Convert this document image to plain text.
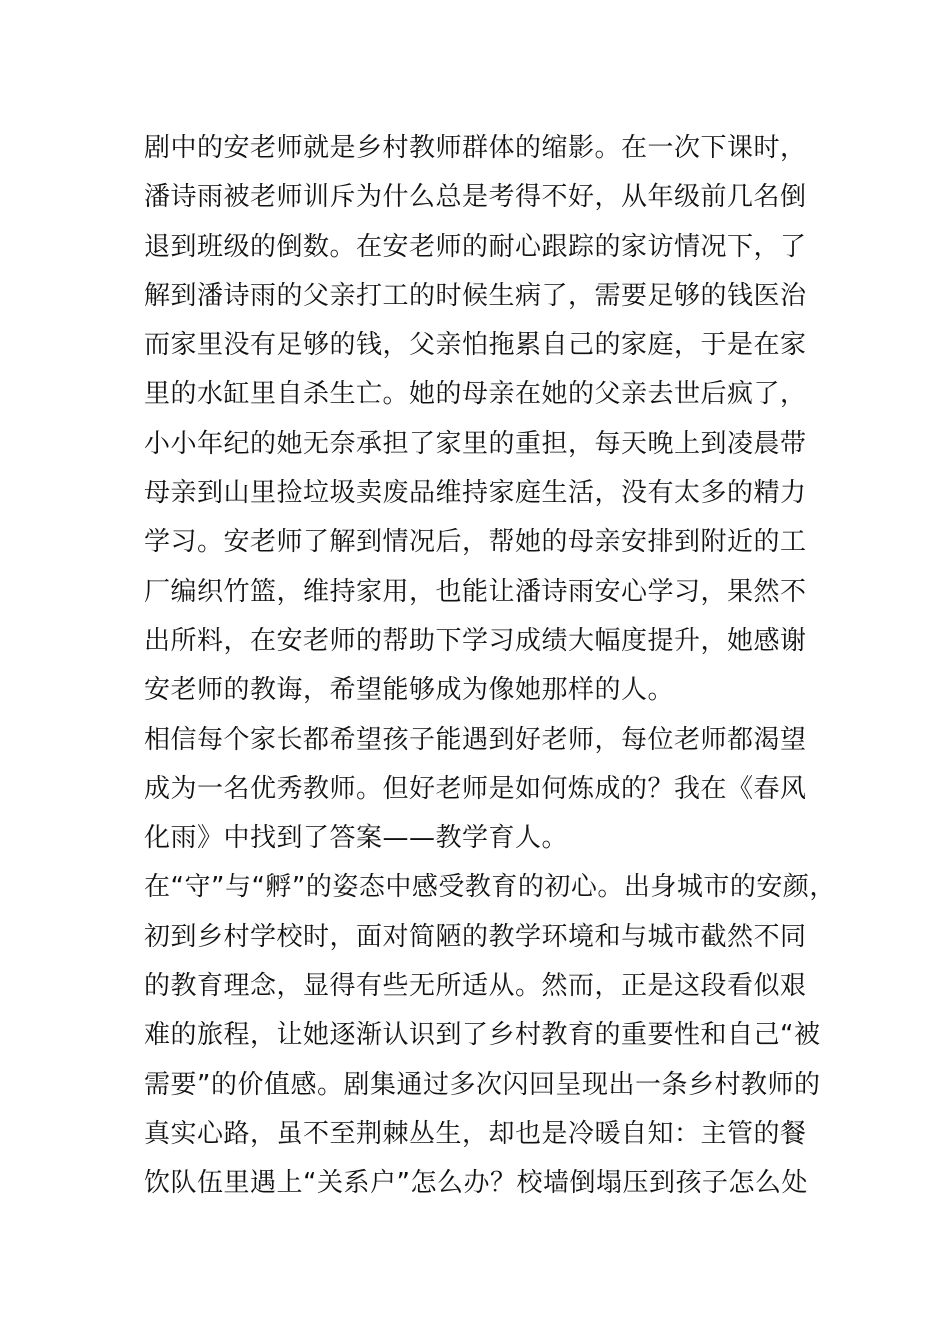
剧中的安老师就是乡村教师群体的缩影。在一次下课时，
潘诗雨被老师训斥为什么总是考得不好，从年级前几名倒
退到班级的倒数。在安老师的耐心跟踪的家访情况下，了
解到潘诗雨的父亲打工的时候生病了，需要足够的钱医治
而家里没有足够的钱，父亲怕拖累自己的家庭，于是在家
里的水缸里自杀生亡。她的母亲在她的父亲去世后疯了，
小小年纪的她无奈承担了家里的重担，每天晚上到凌晨带
母亲到山里捡垃圾卖废品维持家庭生活，没有太多的精力
学习。安老师了解到情况后，帮她的母亲安排到附近的工
厂编织竹篮，维持家用，也能让潘诗雨安心学习，果然不
出所料，在安老师的帮助下学习成绩大幅度提升，她感谢
安老师的教诲，希望能够成为像她那样的人。
相信每个家长都希望孩子能遇到好老师，每位老师都渴望
成为一名优秀教师。但好老师是如何炼成的？我在《春风
化雨》中找到了答案——教学育人。
在“守”与“孵”的姿态中感受教育的初心。出身城市的安颜，
初到乡村学校时，面对简陋的教学环境和与城市截然不同
的教育理念，显得有些无所适从。然而，正是这段看似艰
难的旅程，让她逐渐认识到了乡村教育的重要性和自己“被
需要”的价值感。剧集通过多次闪回呈现出一条乡村教师的
真实心路，虽不至荆棘丛生，却也是冷暖自知：主管的餐
饮队伍里遇上“关系户”怎么办？校墙倒塌压到孩子怎么处
